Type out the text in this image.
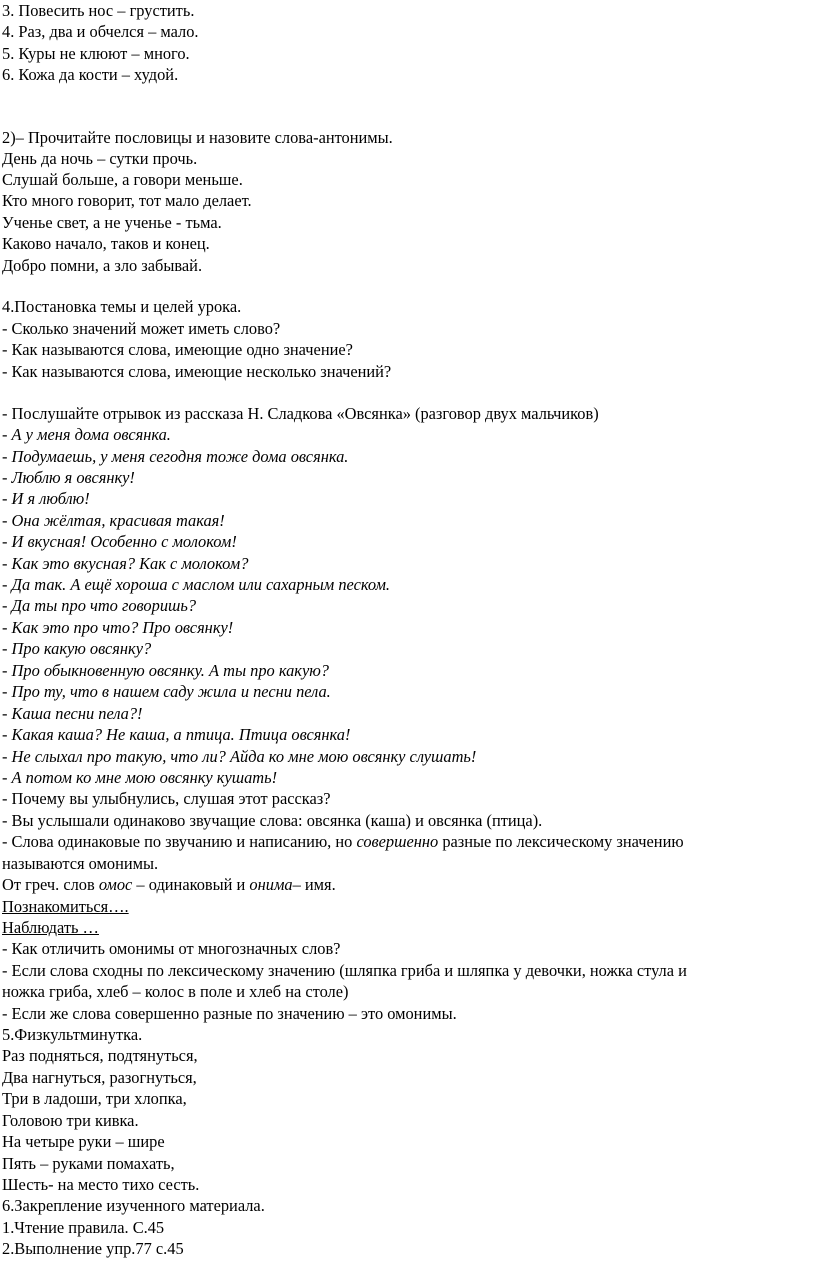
3. Повесить нос – грустить.
4. Раз, два и обчелся – мало.
5. Куры не клюют – много.
6. Кожа да кости – худой.
2)– Прочитайте пословицы и назовите слова-антонимы.
День да ночь – сутки прочь.
Слушай больше, а говори меньше.
Кто много говорит, тот мало делает.
Ученье свет, а не ученье - тьма.
Каково начало, таков и конец.
Добро помни, а зло забывай.
4.Постановка темы и целей урока.
- Сколько значений может иметь слово?
- Как называются слова, имеющие одно значение?
- Как называются слова, имеющие несколько значений?
- Послушайте отрывок из рассказа Н. Сладкова «Овсянка» (разговор двух мальчиков)
- А у меня дома овсянка.
- Подумаешь, у меня сегодня тоже дома овсянка.
- Люблю я овсянку!
- И я люблю!
- Она жёлтая, красивая такая!
- И вкусная! Особенно с молоком!
- Как это вкусная? Как с молоком?
- Да так. А ещё хороша с маслом или сахарным песком.
- Да ты про что говоришь?
- Как это про что? Про овсянку!
- Про какую овсянку?
- Про обыкновенную овсянку. А ты про какую?
- Про ту, что в нашем саду жила и песни пела.
- Каша песни пела?!
- Какая каша? Не каша, а птица. Птица овсянка!
- Не слыхал про такую, что ли? Айда ко мне мою овсянку слушать!
- А потом ко мне мою овсянку кушать!
- Почему вы улыбнулись, слушая этот рассказ?
- Вы услышали одинаково звучащие слова: овсянка (каша) и овсянка (птица).
- Слова одинаковые по звучанию и написанию, но совершенно разные по лексическому значению
называются омонимы.
От греч. слов омос – одинаковый и онима– имя.
Познакомиться….
Наблюдать …
- Как отличить омонимы от многозначных слов?
- Если слова сходны по лексическому значению (шляпка гриба и шляпка у девочки, ножка стула и
ножка гриба, хлеб – колос в поле и хлеб на столе)
- Если же слова совершенно разные по значению – это омонимы.
5.Физкультминутка.
Раз подняться, подтянуться,
Два нагнуться, разогнуться,
Три в ладоши, три хлопка,
Головою три кивка.
На четыре руки – шире
Пять – руками помахать,
Шесть- на место тихо сесть.
6.Закрепление изученного материала.
1.Чтение правила. С.45
2.Выполнение упр.77 с.45
